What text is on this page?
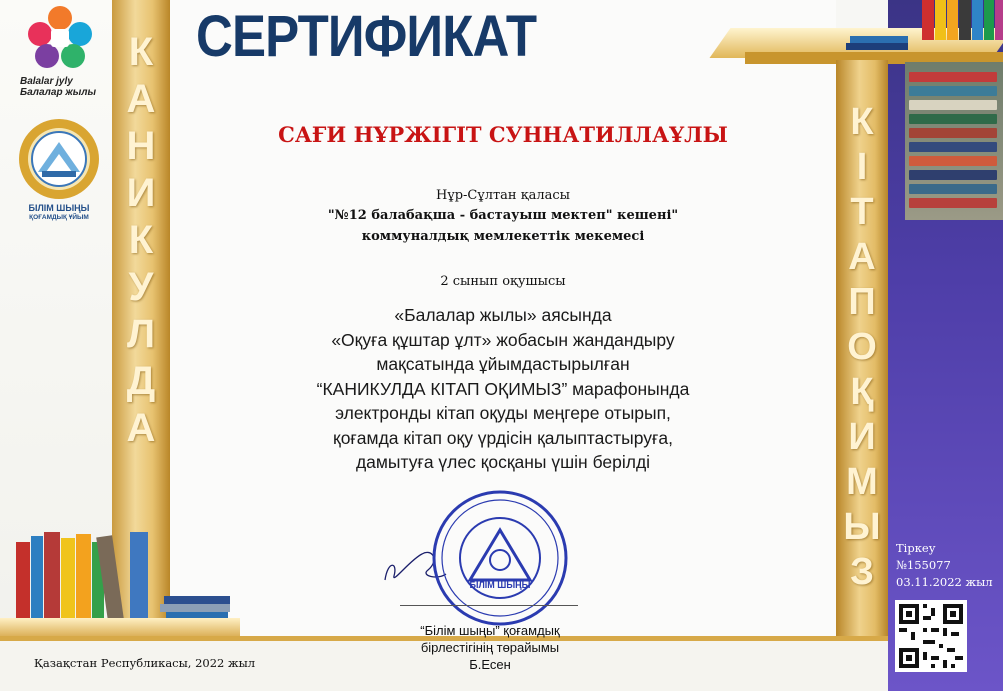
К
А
Н
И
К
У
Л
Д
А
К
І
Т
А
П
О
Қ
И
М
Ы
З
Balalar jyly
Балалар жылы
БІЛІМ ШЫҢЫ
ҚОҒАМДЫҚ ҰЙЫМ
СЕРТИФИКАТ
САҒИ НҰРЖІГІТ СУННАТИЛЛАҰЛЫ
Нұр-Сұлтан қаласы
"№12 балабақша - бастауыш мектеп" кешені"
коммуналдық мемлекеттік мекемесі
2 сынып оқушысы
«Балалар жылы» аясында
«Оқуға құштар ұлт» жобасын жандандыру
мақсатында ұйымдастырылған
“КАНИКУЛДА КІТАП ОҚИМЫЗ” марафонында
электронды кітап оқуды меңгере отырып,
қоғамда кітап оқу үрдісін қалыптастыруға,
дамытуға үлес қосқаны үшін берілді
БІЛІМ ШЫҢЫ
“Білім шыңы” қоғамдық
бірлестігінің төрайымы
Б.Есен
Қазақстан Республикасы, 2022 жыл
Тіркеу
№155077
03.11.2022 жыл
